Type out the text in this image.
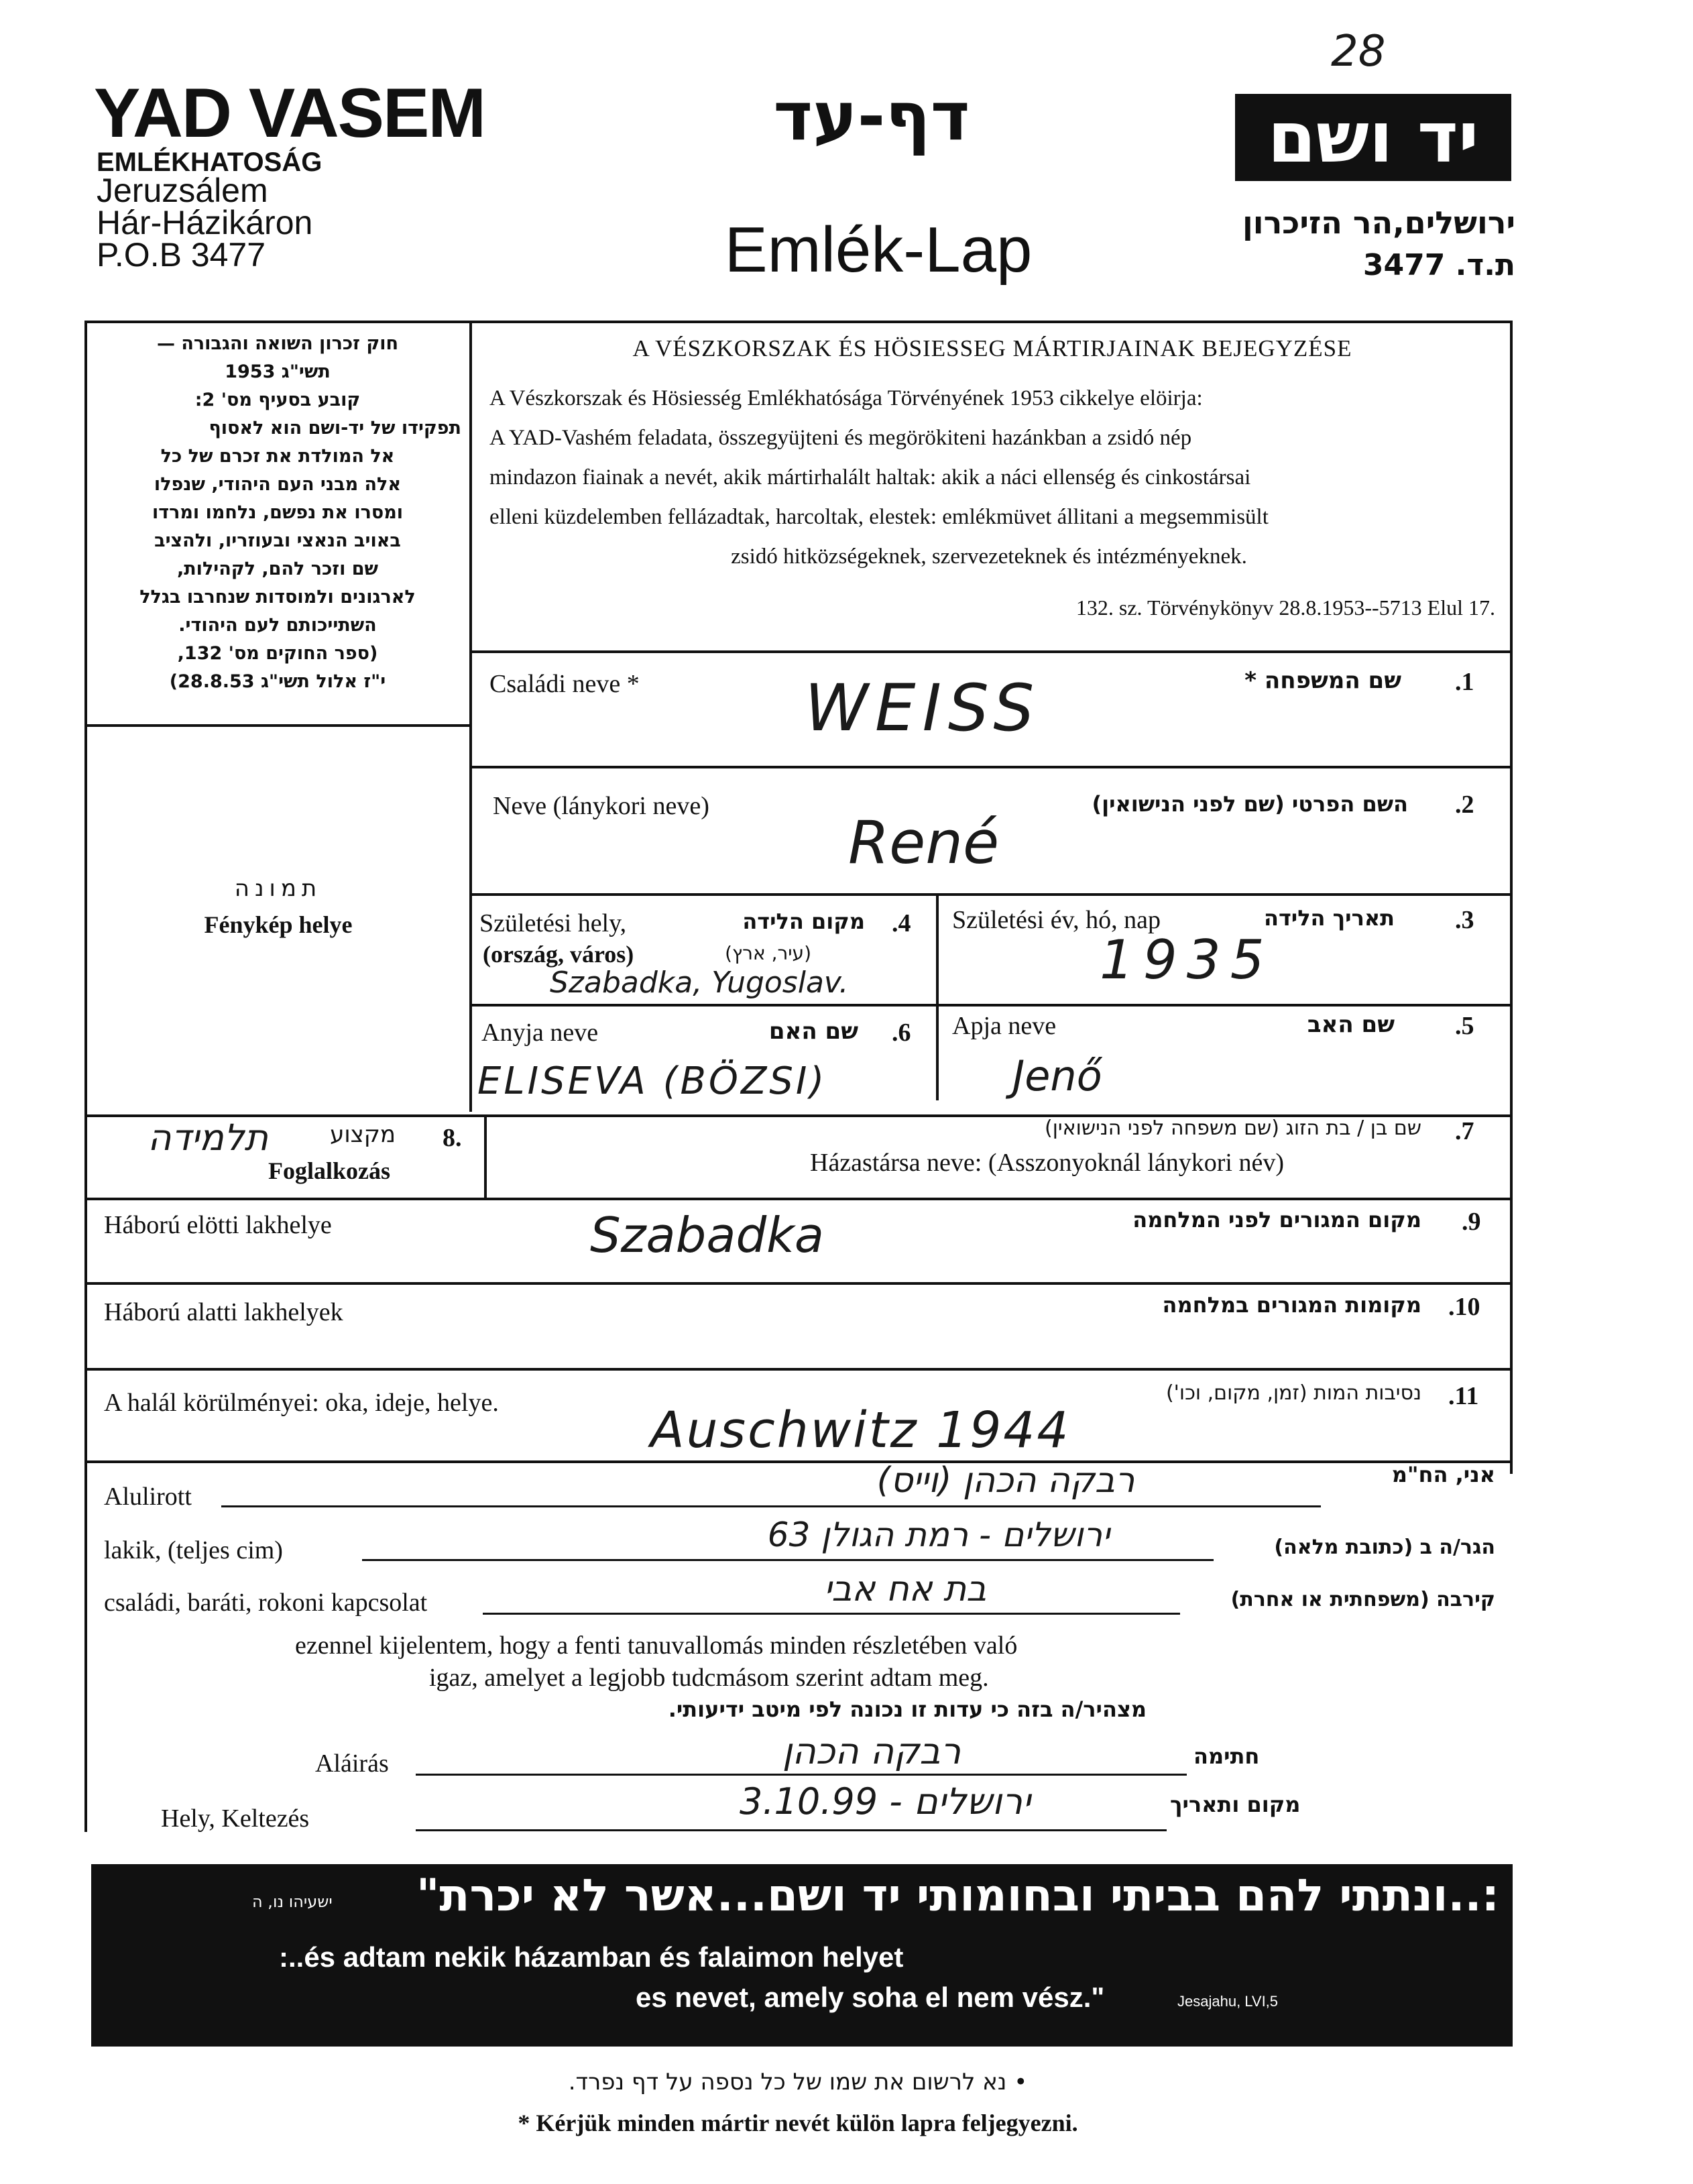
28
YAD VASEM
EMLÉKHATOSÁG
Jeruzsálem
Hár-Házikáron
P.O.B 3477
דף-עד
Emlék-Lap
יד ושם
ירושלים,הר הזיכרון
ת.ד. 3477
חוק זכרון השואה והגבורה —
תשי"ג 1953
קובע בסעיף מס' 2:
תפקידו של יד-ושם הוא לאסוף
אל המולדת את זכרם של כל
אלה מבני העם היהודי, שנפלו
ומסרו את נפשם, נלחמו ומרדו
באויב הנאצי ובעוזריו, ולהציב
שם וזכר להם, לקהילות,
לארגונים ולמוסדות שנחרבו בגלל
השתייכותם לעם היהודי.
(ספר החוקים מס' 132,
י"ז אלול תשי"ג 28.8.53)
תמונה
Fénykép helye
A VÉSZKORSZAK ÉS HÖSIESSEG MÁRTIRJAINAK BEJEGYZÉSE
A Vészkorszak és Hösiesség Emlékhatósága Törvényének 1953 cikkelye elöirja:
A YAD-Vashém feladata, összegyüjteni és megörökiteni hazánkban a zsidó nép
mindazon fiainak a nevét, akik mártirhalált haltak: akik a náci ellenség és cinkostársai
elleni küzdelemben fellázadtak, harcoltak, elestek: emlékmüvet állitani a megsemmisült
zsidó hitközségeknek, szervezeteknek és intézményeknek.
132. sz. Törvénykönyv 28.8.1953--5713 Elul 17.
Családi neve *	WEISS	שם המשפחה * .1
Neve (lánykori neve)	השם הפרטי (שם לפני הנישואין) .2
René
Születési hely,	מקום הלידה .4
(ország, város)	(עיר, ארץ)
Szabadka, Yugoslav.
Születési év, hó, nap	תאריך הלידה .3
1935
Anyja neve	שם האם .6
ELISEVA (BÖZSI)
Apja neve	שם האב .5
Jenő
תלמידה	מקצוע 8.
Foglalkozás
שם בן / בת הזוג (שם משפחה לפני הנישואין) .7
Házastársa neve: (Asszonyoknál lánykori név)
Háború elötti lakhelye	Szabadka	מקום המגורים לפני המלחמה .9
Háború alatti lakhelyek	מקומות המגורים במלחמה .10
A halál körülményei: oka, ideje, helye.	נסיבות המות (זמן, מקום, וכו') .11
Auschwitz 1944
Alulirott	רבקה הכהן (וייס)	אני, הח"מ
lakik, (teljes cim)	ירושלים - רמת הגולן 63	הגר/ה ב (כתובת מלאה)
családi, baráti, rokoni kapcsolat	בת אח אבי	קירבה (משפחתית או אחרת)
ezennel kijelentem, hogy a fenti tanuvallomás minden részletében való
igaz, amelyet a legjobb tudcmásom szerint adtam meg.
מצהיר/ה בזה כי עדות זו נכונה לפי מיטב ידיעותי.
Aláirás	רבקה הכהן	חתימה
Hely, Keltezés	ירושלים - 3.10.99	מקום ותאריך
ישעיהו נו, ה	:..ונתתי להם בביתי ובחומותי יד ושם...אשר לא יכרת"
:..és adtam nekik házamban és falaimon helyet
es nevet, amely soha el nem vész."	Jesajahu, LVI,5
• נא לרשום את שמו של כל נספה על דף נפרד.
* Kérjük minden mártir nevét külön lapra feljegyezni.
